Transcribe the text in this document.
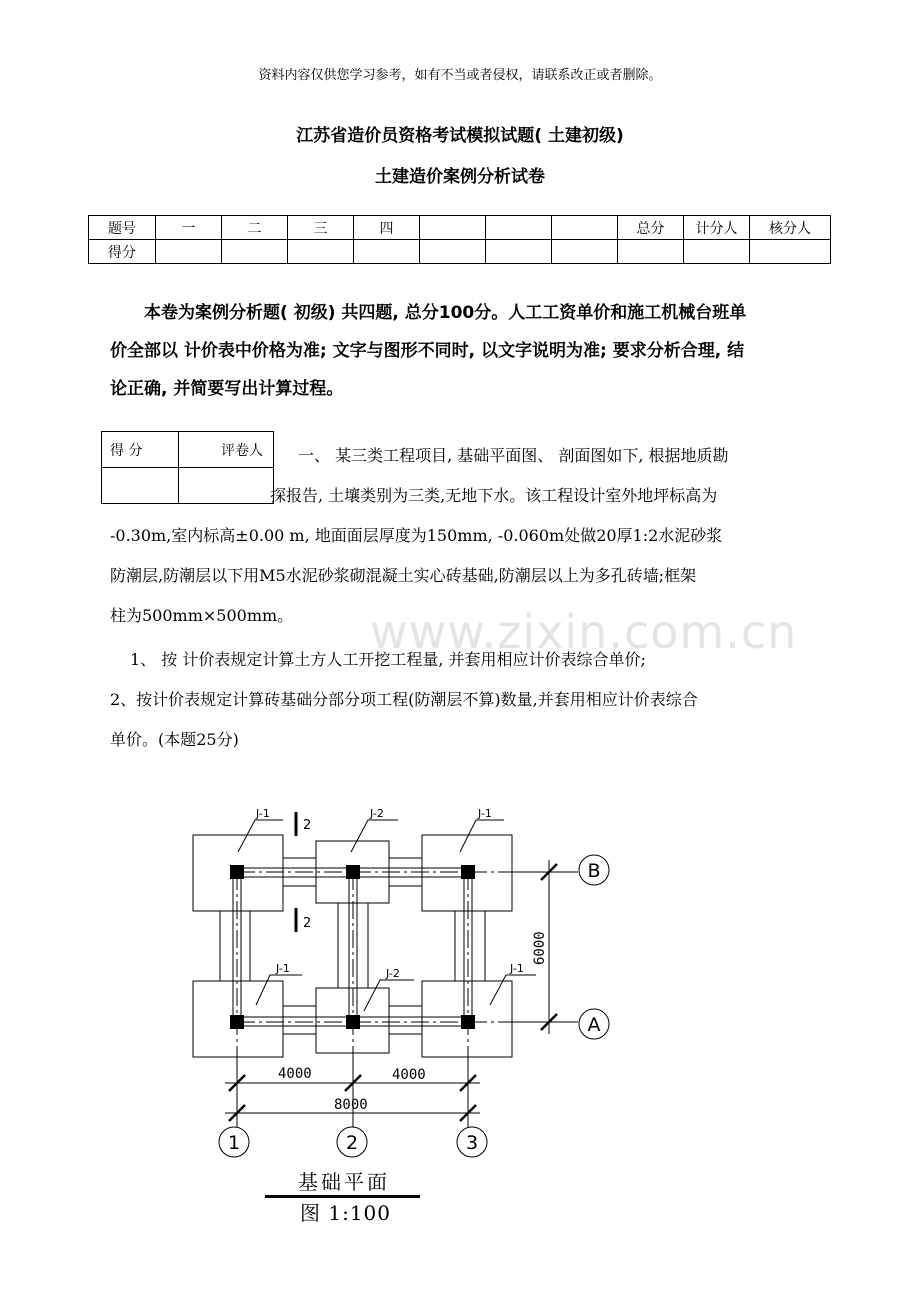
资料内容仅供您学习参考，如有不当或者侵权，请联系改正或者删除。
江苏省造价员资格考试模拟试题( 土建初级)
土建造价案例分析试卷
题号	一	二	三	四				总分	计分人	核分人
得分										

本卷为案例分析题( 初级) 共四题, 总分100分。人工工资单价和施工机械台班单

价全部以 计价表中价格为准; 文字与图形不同时, 以文字说明为准; 要求分析合理, 结

论正确, 并简要写出计算过程。

得 分	评卷人
	一、 某三类工程项目, 基础平面图、 剖面图如下, 根据地质勘
探报告, 土壤类别为三类,无地下水。该工程设计室外地坪标高为
-0.30m,室内标高±0.00 m, 地面面层厚度为150mm, -0.060m处做20厚1:2水泥砂浆
防潮层,防潮层以下用M5水泥砂浆砌混凝土实心砖基础,防潮层以上为多孔砖墙;框架
柱为500mm×500mm。
1、 按 计价表规定计算土方人工开挖工程量, 并套用相应计价表综合单价;
2、按计价表规定计算砖基础分部分项工程(防潮层不算)数量,并套用相应计价表综合
单价。(本题25分)
www.zixin.com.cn
J-1	J-2	J-1
J-1	J-2	J-1
2
2
6000
4000	4000
8000
B
A
1	2	3
基础平面
图 1:100
